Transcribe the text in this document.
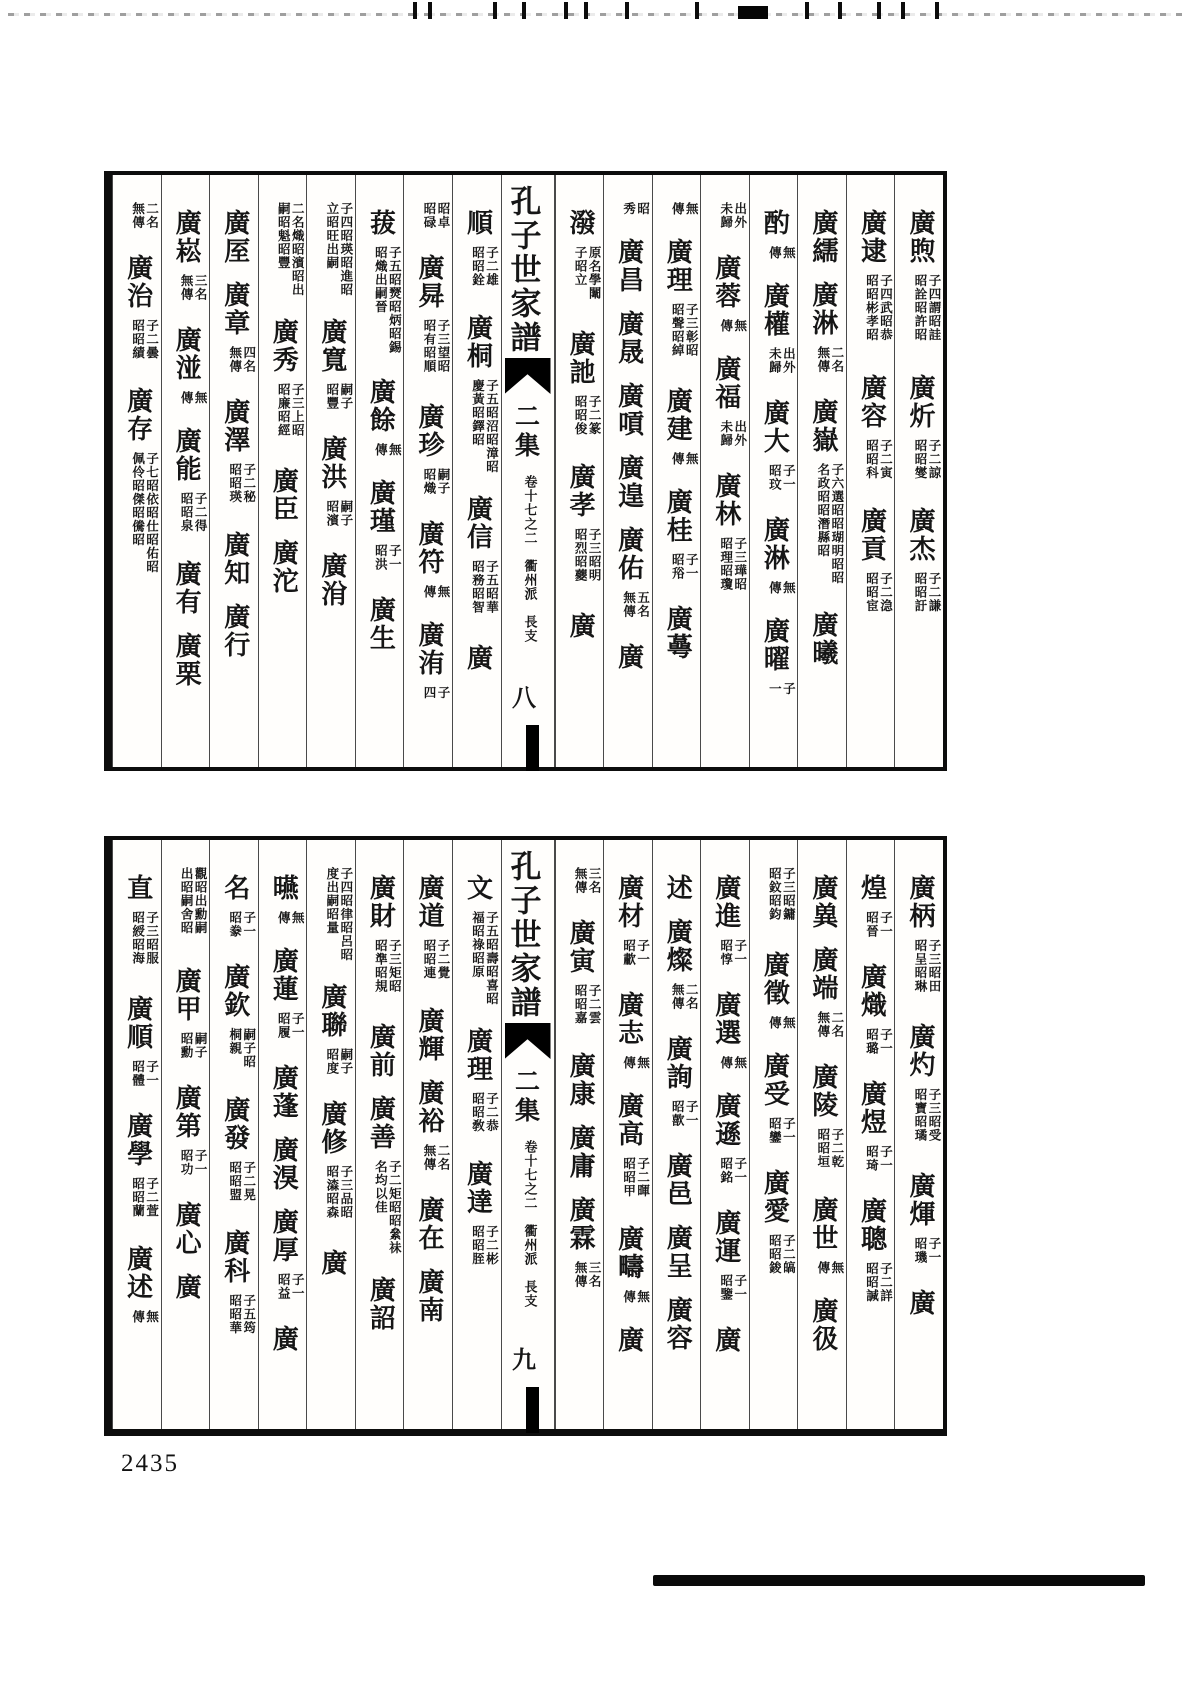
順子二雄昭昭銓廣桐子五昭沼昭漳昭慶黃昭鐸昭廣信子五昭華昭務昭智廣
昭卓昭碌廣曻子三望昭昭有昭順廣珍嗣子昭熾廣符無傳廣洧子四
菝子五昭燹昭炳昭錫昭熾出嗣晉廣餘無傳廣瑾子一昭洪廣生
子四昭瑛昭進昭立昭旺出嗣廣寬嗣子昭豐廣洪嗣子昭濱廣洕
二名熾昭濱昭出嗣昭魁昭豐廣秀子三上昭昭廉昭經廣臣廣沱
廣厔廣章四名無傳廣澤子二秘昭昭瑛廣知廣行
廣崧三名無傳廣湴無傳廣能子二得昭昭泉廣有廣栗
二名無傳廣治子二曇昭昭績廣存子七昭依昭仕昭佑昭佩伶昭傑昭儯昭
孔子世家譜
二集
卷十七之二　衢州派　長支
八
廣煦子四謂昭詿昭詮昭許昭廣炘子二諒昭昭燮廣杰子二謙昭昭訏
廣逮子四武昭恭昭昭彬孝昭廣容子二寅昭昭科廣貢子二㴔昭昭宦
廣繻廣淋二名無傳廣嶽子六選昭昭瑚明昭昭名政昭昭潛縣昭廣曦
酌無傳廣權出外未歸廣大子一昭玟廣淋無傳廣曜子一
出外未歸廣蓉無傳廣福出外未歸廣林子三璍昭昭理昭瓊
無傳廣理子三彰昭昭聲昭綽廣建無傳廣桂子一昭谸廣蕚
昭秀廣昌廣晟廣嗊廣遑廣佑五名無傳廣
潑原名學闈子昭立廣訑子二篆昭昭俊廣孝子三昭明昭烈昭蘷廣
文子五昭壽昭喜昭福昭祿昭原廣理子二恭昭昭敎廣達子二彬昭昭胵
廣道子二覺昭昭連廣輝廣裕二名無傳廣在廣南
廣財子三矩昭昭準昭規廣前廣善子二矩昭昭絫祙名均以佳廣詔
子四昭律昭呂昭度出嗣昭量廣聯嗣子昭度廣修子三品昭昭潹昭森廣
曣無傳廣蓮子一昭履廣蓬廣湨廣厚子一昭益廣
名子一昭豢廣欽嗣子昭桐親廣發子二晃昭昭盟廣科子五筠昭昭華
觀昭出勳嗣出昭嗣舍昭廣甲嗣子昭勳廣第子一昭功廣心廣
直子三昭服昭綬昭海廣順子一昭體廣學子二萱昭昭蘭廣述無傳
孔子世家譜
二集
卷十七之二　衢州派　長支
九
廣柄子三昭田昭呈昭琳廣灼子三昭受昭寶昭璚廣煇子一昭璣廣
煌子一昭晉廣熾子一昭璐廣煜子一昭琦廣聰子二詳昭昭諴
廣兾廣端二名無傳廣陵子二乾昭昭垣廣世無傳廣彶
子三昭鏞昭鈫昭鈞廣徵無傳廣受子一昭鑾廣愛子二皜昭昭鋑
廣進子一昭惇廣選無傳廣遜子一昭銘廣運子一昭鑒廣
述廣燦二名無傳廣詢子一昭歖廣邑廣呈廣容
廣材子一昭歗廣志無傳廣高子二暉昭昭甲廣疇無傳廣
三名無傳廣寅子二雲昭昭嘉廣康廣庸廣霖三名無傳
2435
